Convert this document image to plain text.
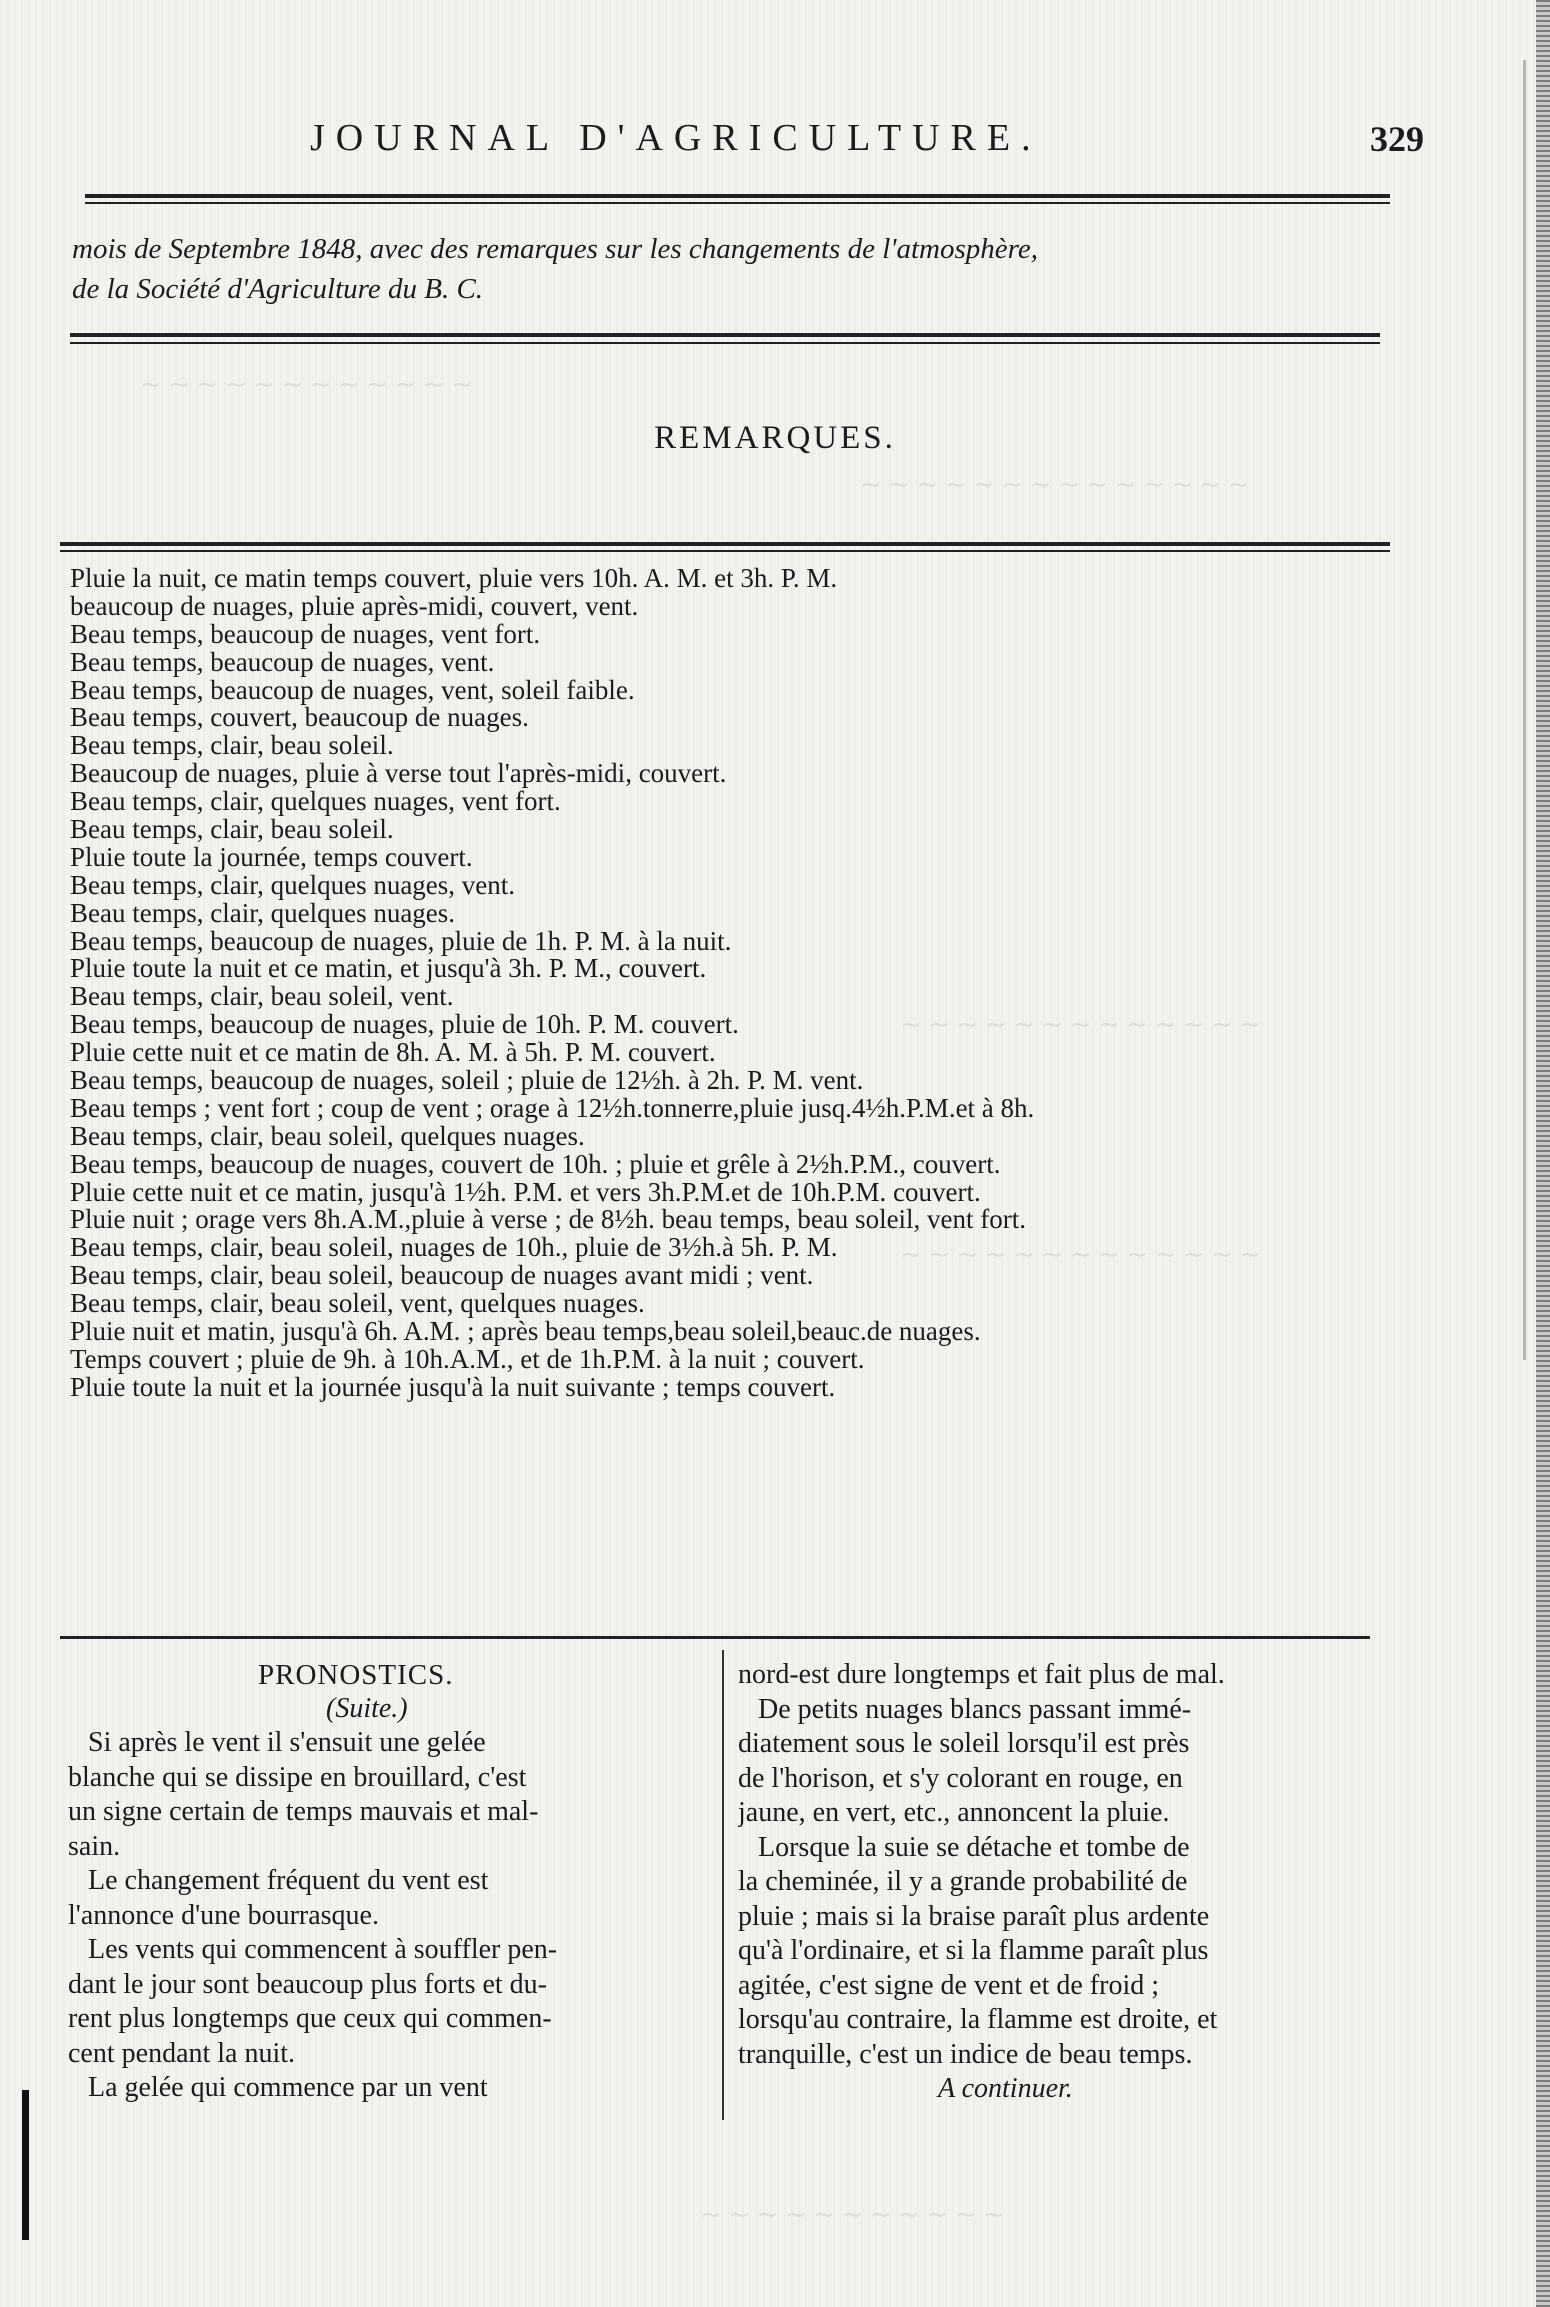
∼ ∼ ∼ ∼ ∼ ∼ ∼ ∼ ∼ ∼ ∼ ∼
∼ ∼ ∼ ∼ ∼ ∼ ∼ ∼ ∼ ∼ ∼ ∼ ∼ ∼
∼ ∼ ∼ ∼ ∼ ∼ ∼ ∼ ∼ ∼ ∼ ∼ ∼
∼ ∼ ∼ ∼ ∼ ∼ ∼ ∼ ∼ ∼ ∼ ∼ ∼
∼ ∼ ∼ ∼ ∼ ∼ ∼ ∼ ∼ ∼ ∼
JOURNAL D'AGRICULTURE.	329
mois de Septembre 1848, avec des remarques sur les changements de l'atmosphère,
de la Société d'Agriculture du B. C.
REMARQUES.
Pluie la nuit, ce matin temps couvert, pluie vers 10h. A. M. et 3h. P. M.
beaucoup de nuages, pluie après-midi, couvert, vent.
Beau temps, beaucoup de nuages, vent fort.
Beau temps, beaucoup de nuages, vent.
Beau temps, beaucoup de nuages, vent, soleil faible.
Beau temps, couvert, beaucoup de nuages.
Beau temps, clair, beau soleil.
Beaucoup de nuages, pluie à verse tout l'après-midi, couvert.
Beau temps, clair, quelques nuages, vent fort.
Beau temps, clair, beau soleil.
Pluie toute la journée, temps couvert.
Beau temps, clair, quelques nuages, vent.
Beau temps, clair, quelques nuages.
Beau temps, beaucoup de nuages, pluie de 1h. P. M. à la nuit.
Pluie toute la nuit et ce matin, et jusqu'à 3h. P. M., couvert.
Beau temps, clair, beau soleil, vent.
Beau temps, beaucoup de nuages, pluie de 10h. P. M. couvert.
Pluie cette nuit et ce matin de 8h. A. M. à 5h. P. M. couvert.
Beau temps, beaucoup de nuages, soleil ; pluie de 12½h. à 2h. P. M. vent.
Beau temps ; vent fort ; coup de vent ; orage à 12½h.tonnerre,pluie jusq.4½h.P.M.et à 8h.
Beau temps, clair, beau soleil, quelques nuages.
Beau temps, beaucoup de nuages, couvert de 10h. ; pluie et grêle à 2½h.P.M., couvert.
Pluie cette nuit et ce matin, jusqu'à 1½h. P.M. et vers 3h.P.M.et de 10h.P.M. couvert.
Pluie nuit ; orage vers 8h.A.M.,pluie à verse ; de 8½h. beau temps, beau soleil, vent fort.
Beau temps, clair, beau soleil, nuages de 10h., pluie de 3½h.à 5h. P. M.
Beau temps, clair, beau soleil, beaucoup de nuages avant midi ; vent.
Beau temps, clair, beau soleil, vent, quelques nuages.
Pluie nuit et matin, jusqu'à 6h. A.M. ; après beau temps,beau soleil,beauc.de nuages.
Temps couvert ; pluie de 9h. à 10h.A.M., et de 1h.P.M. à la nuit ; couvert.
Pluie toute la nuit et la journée jusqu'à la nuit suivante ; temps couvert.
PRONOSTICS.
(Suite.)
Si après le vent il s'ensuit une gelée
blanche qui se dissipe en brouillard, c'est
un signe certain de temps mauvais et mal-
sain.
Le changement fréquent du vent est
l'annonce d'une bourrasque.
Les vents qui commencent à souffler pen-
dant le jour sont beaucoup plus forts et du-
rent plus longtemps que ceux qui commen-
cent pendant la nuit.
La gelée qui commence par un vent
nord-est dure longtemps et fait plus de mal.
De petits nuages blancs passant immé-
diatement sous le soleil lorsqu'il est près
de l'horison, et s'y colorant en rouge, en
jaune, en vert, etc., annoncent la pluie.
Lorsque la suie se détache et tombe de
la cheminée, il y a grande probabilité de
pluie ; mais si la braise paraît plus ardente
qu'à l'ordinaire, et si la flamme paraît plus
agitée, c'est signe de vent et de froid ;
lorsqu'au contraire, la flamme est droite, et
tranquille, c'est un indice de beau temps.
A continuer.
